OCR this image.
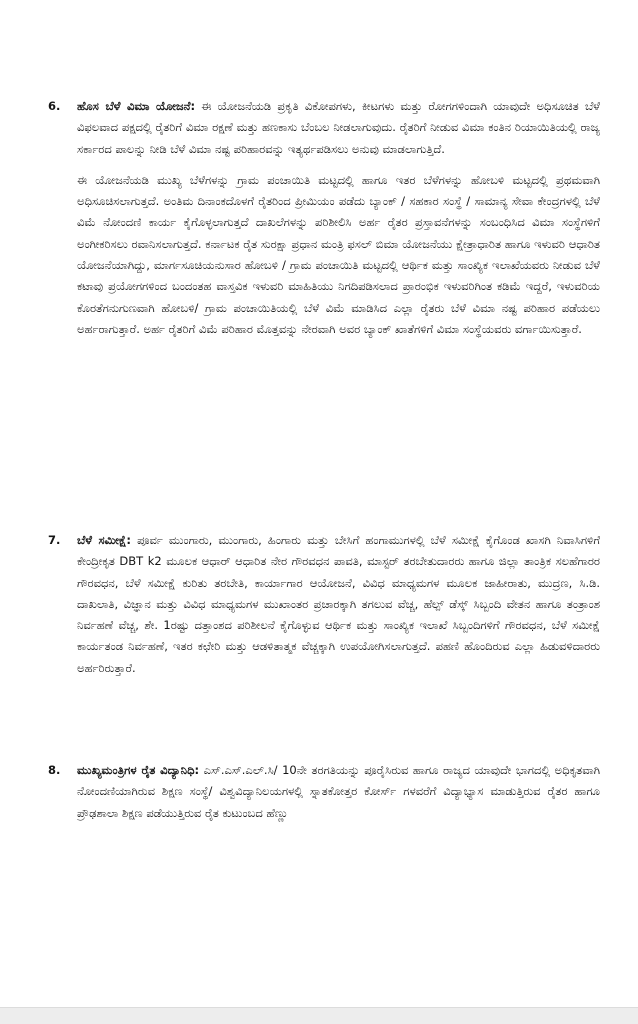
6.	ಹೊಸ ಬೆಳೆ ವಿಮಾ ಯೋಜನೆ: ಈ ಯೋಜನೆಯಡಿ ಪ್ರಕೃತಿ ವಿಕೋಪಗಳು, ಕೀಟಗಳು ಮತ್ತು ರೋಗಗಳಿಂದಾಗಿ ಯಾವುದೇ ಅಧಿಸೂಚಿತ ಬೆಳೆ ವಿಫಲವಾದ ಪಕ್ಷದಲ್ಲಿ ರೈತರಿಗೆ ವಿಮಾ ರಕ್ಷಣೆ ಮತ್ತು ಹಣಕಾಸು ಬೆಂಬಲ ನೀಡಲಾಗುವುದು. ರೈತರಿಗೆ ನೀಡುವ ವಿಮಾ ಕಂತಿನ ರಿಯಾಯಿತಿಯಲ್ಲಿ ರಾಜ್ಯ ಸರ್ಕಾರದ ಪಾಲನ್ನು ನೀಡಿ ಬೆಳೆ ವಿಮಾ ನಷ್ಟ ಪರಿಹಾರವನ್ನು ಇತ್ಯರ್ಥಪಡಿಸಲು ಅನುವು ಮಾಡಲಾಗುತ್ತಿದೆ.
ಈ ಯೋಜನೆಯಡಿ ಮುಖ್ಯ ಬೆಳೆಗಳನ್ನು ಗ್ರಾಮ ಪಂಚಾಯಿತಿ ಮಟ್ಟದಲ್ಲಿ ಹಾಗೂ ಇತರ ಬೆಳೆಗಳನ್ನು ಹೋಬಳಿ ಮಟ್ಟದಲ್ಲಿ ಪ್ರಥಮವಾಗಿ ಅಧಿಸೂಚಿಸಲಾಗುತ್ತದೆ. ಅಂತಿಮ ದಿನಾಂಕದೊಳಗೆ ರೈತರಿಂದ ಪ್ರೀಮಿಯಂ ಪಡೆದು ಬ್ಯಾಂಕ್ / ಸಹಕಾರ ಸಂಸ್ಥೆ / ಸಾಮಾನ್ಯ ಸೇವಾ ಕೇಂದ್ರಗಳಲ್ಲಿ ಬೆಳೆ ವಿಮೆ ನೋಂದಣಿ ಕಾರ್ಯ ಕೈಗೊಳ್ಳಲಾಗುತ್ತದೆ ದಾಖಲೆಗಳನ್ನು ಪರಿಶೀಲಿಸಿ ಅರ್ಹ ರೈತರ ಪ್ರಸ್ತಾವನೆಗಳನ್ನು ಸಂಬಂಧಿಸಿದ ವಿಮಾ ಸಂಸ್ಥೆಗಳಿಗೆ ಅಂಗೀಕರಿಸಲು ರವಾನಿಸಲಾಗುತ್ತದೆ. ಕರ್ನಾಟಕ ರೈತ ಸುರಕ್ಷಾ ಪ್ರಧಾನ ಮಂತ್ರಿ ಫಸಲ್ ಬಿಮಾ ಯೋಜನೆಯು ಕ್ಷೇತ್ರಾಧಾರಿತ ಹಾಗೂ ಇಳುವರಿ ಆಧಾರಿತ ಯೋಜನೆಯಾಗಿದ್ದು, ಮಾರ್ಗಸೂಚಿಯನುಸಾರ ಹೋಬಳಿ / ಗ್ರಾಮ ಪಂಚಾಯಿತಿ ಮಟ್ಟದಲ್ಲಿ ಆರ್ಥಿಕ ಮತ್ತು ಸಾಂಖ್ಯಿಕ ಇಲಾಖೆಯವರು ನೀಡುವ ಬೆಳೆ ಕಟಾವು ಪ್ರಯೋಗಗಳಿಂದ ಬಂದಂತಹ ವಾಸ್ತವಿಕ ಇಳುವರಿ ಮಾಹಿತಿಯು ನಿಗದಿಪಡಿಸಲಾದ ಪ್ರಾರಂಭಿಕ ಇಳುವರಿಗಿಂತ ಕಡಿಮೆ ಇದ್ದರೆ, ಇಳುವರಿಯ ಕೊರತೆಗನುಗುಣವಾಗಿ ಹೋಬಳಿ/ ಗ್ರಾಮ ಪಂಚಾಯಿತಿಯಲ್ಲಿ ಬೆಳೆ ವಿಮೆ ಮಾಡಿಸಿದ ಎಲ್ಲಾ ರೈತರು ಬೆಳೆ ವಿಮಾ ನಷ್ಟ ಪರಿಹಾರ ಪಡೆಯಲು ಅರ್ಹರಾಗುತ್ತಾರೆ. ಅರ್ಹ ರೈತರಿಗೆ ವಿಮೆ ಪರಿಹಾರ ಮೊತ್ತವನ್ನು ನೇರವಾಗಿ ಅವರ ಬ್ಯಾಂಕ್ ಖಾತೆಗಳಿಗೆ ವಿಮಾ ಸಂಸ್ಥೆಯವರು ವರ್ಗಾಯಿಸುತ್ತಾರೆ.
7.	ಬೆಳೆ ಸಮೀಕ್ಷೆ: ಪೂರ್ವ ಮುಂಗಾರು, ಮುಂಗಾರು, ಹಿಂಗಾರು ಮತ್ತು ಬೇಸಿಗೆ ಹಂಗಾಮುಗಳಲ್ಲಿ ಬೆಳೆ ಸಮೀಕ್ಷೆ ಕೈಗೊಂಡ ಖಾಸಗಿ ನಿವಾಸಿಗಳಿಗೆ ಕೇಂದ್ರೀಕೃತ DBT k2 ಮೂಲಕ ಆಧಾರ್ ಆಧಾರಿತ ನೇರ ಗೌರವಧನ ಪಾವತಿ, ಮಾಸ್ಟರ್ ತರಬೇತುದಾರರು ಹಾಗೂ ಜಿಲ್ಲಾ ತಾಂತ್ರಿಕ ಸಲಹೆಗಾರರ ಗೌರವಧನ, ಬೆಳೆ ಸಮೀಕ್ಷೆ ಕುರಿತು ತರಬೇತಿ, ಕಾರ್ಯಾಗಾರ ಆಯೋಜನೆ, ವಿವಿಧ ಮಾಧ್ಯಮಗಳ ಮೂಲಕ ಜಾಹೀರಾತು, ಮುದ್ರಣ, ಸಿ.ಡಿ. ದಾಖಲಾತಿ, ವಿಜ್ಞಾನ ಮತ್ತು ವಿವಿಧ ಮಾಧ್ಯಮಗಳ ಮುಖಾಂತರ ಪ್ರಚಾರಕ್ಕಾಗಿ ತಗಲುವ ವೆಚ್ಚ, ಹೆಲ್ಪ್ ಡೆಸ್ಕ್ ಸಿಬ್ಬಂದಿ ವೇತನ ಹಾಗೂ ತಂತ್ರಾಂಶ ನಿರ್ವಹಣೆ ವೆಚ್ಚ, ಶೇ. 1ರಷ್ಟು ದತ್ತಾಂಶದ ಪರಿಶೀಲನೆ ಕೈಗೊಳ್ಳುವ ಆರ್ಥಿಕ ಮತ್ತು ಸಾಂಖ್ಯಿಕ ಇಲಾಖೆ ಸಿಬ್ಬಂದಿಗಳಿಗೆ ಗೌರವಧನ, ಬೆಳೆ ಸಮೀಕ್ಷೆ ಕಾರ್ಯತಂಡ ನಿರ್ವಹಣೆ, ಇತರ ಕಛೇರಿ ಮತ್ತು ಆಡಳಿತಾತ್ಮಕ ವೆಚ್ಚಕ್ಕಾಗಿ ಉಪಯೋಗಿಸಲಾಗುತ್ತದೆ. ಪಹಣಿ ಹೊಂದಿರುವ ಎಲ್ಲಾ ಹಿಡುವಳಿದಾರರು ಅರ್ಹರಿರುತ್ತಾರೆ.
8.	ಮುಖ್ಯಮಂತ್ರಿಗಳ ರೈತ ವಿದ್ಯಾನಿಧಿ: ಎಸ್.ಎಸ್.ಎಲ್.ಸಿ/ 10ನೇ ತರಗತಿಯನ್ನು ಪೂರೈಸಿರುವ ಹಾಗೂ ರಾಜ್ಯದ ಯಾವುದೇ ಭಾಗದಲ್ಲಿ ಅಧಿಕೃತವಾಗಿ ನೋಂದಣಿಯಾಗಿರುವ ಶಿಕ್ಷಣ ಸಂಸ್ಥೆ/ ವಿಶ್ವವಿದ್ಯಾನಿಲಯಗಳಲ್ಲಿ ಸ್ನಾತಕೋತ್ತರ ಕೋರ್ಸ್ ಗಳವರೆಗೆ ವಿದ್ಯಾಭ್ಯಾಸ ಮಾಡುತ್ತಿರುವ ರೈತರ ಹಾಗೂ ಪ್ರೌಢಶಾಲಾ ಶಿಕ್ಷಣ ಪಡೆಯುತ್ತಿರುವ ರೈತ ಕುಟುಂಬದ ಹೆಣ್ಣು
